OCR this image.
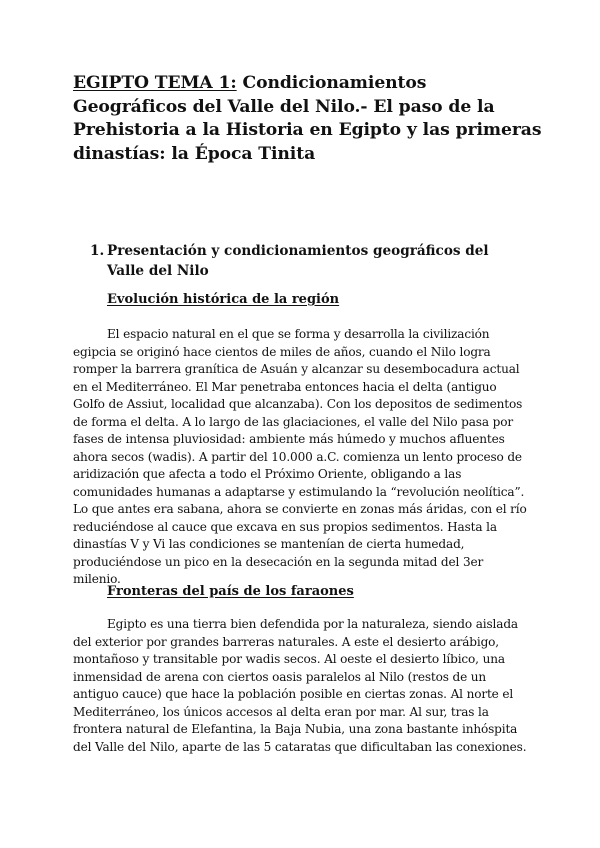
EGIPTO TEMA 1: Condicionamientos Geográficos del Valle del Nilo.- El paso de la Prehistoria a la Historia en Egipto y las primeras dinastías: la Época Tinita
1. Presentación y condicionamientos geográficos del Valle del Nilo
Evolución histórica de la región

El espacio natural en el que se forma y desarrolla la civilización egipcia se originó hace cientos de miles de años, cuando el Nilo logra romper la barrera granítica de Asuán y alcanzar su desembocadura actual en el Mediterráneo. El Mar penetraba entonces hacia el delta (antiguo Golfo de Assiut, localidad que alcanzaba). Con los depositos de sedimentos de forma el delta. A lo largo de las glaciaciones, el valle del Nilo pasa por fases de intensa pluviosidad: ambiente más húmedo y muchos afluentes ahora secos (wadis). A partir del 10.000 a.C. comienza un lento proceso de aridización que afecta a todo el Próximo Oriente, obligando a las comunidades humanas a adaptarse y estimulando la “revolución neolítica”. Lo que antes era sabana, ahora se convierte en zonas más áridas, con el río reduciéndose al cauce que excava en sus propios sedimentos. Hasta la dinastías V y Vi las condiciones se mantenían de cierta humedad, produciéndose un pico en la desecación en la segunda mitad del 3er milenio.

Fronteras del país de los faraones

Egipto es una tierra bien defendida por la naturaleza, siendo aislada del exterior por grandes barreras naturales. A este el desierto arábigo, montañoso y transitable por wadis secos. Al oeste el desierto líbico, una inmensidad de arena con ciertos oasis paralelos al Nilo (restos de un antiguo cauce) que hace la población posible en ciertas zonas. Al norte el Mediterráneo, los únicos accesos al delta eran por mar. Al sur, tras la frontera natural de Elefantina, la Baja Nubia, una zona bastante inhóspita del Valle del Nilo, aparte de las 5 cataratas que dificultaban las conexiones.
